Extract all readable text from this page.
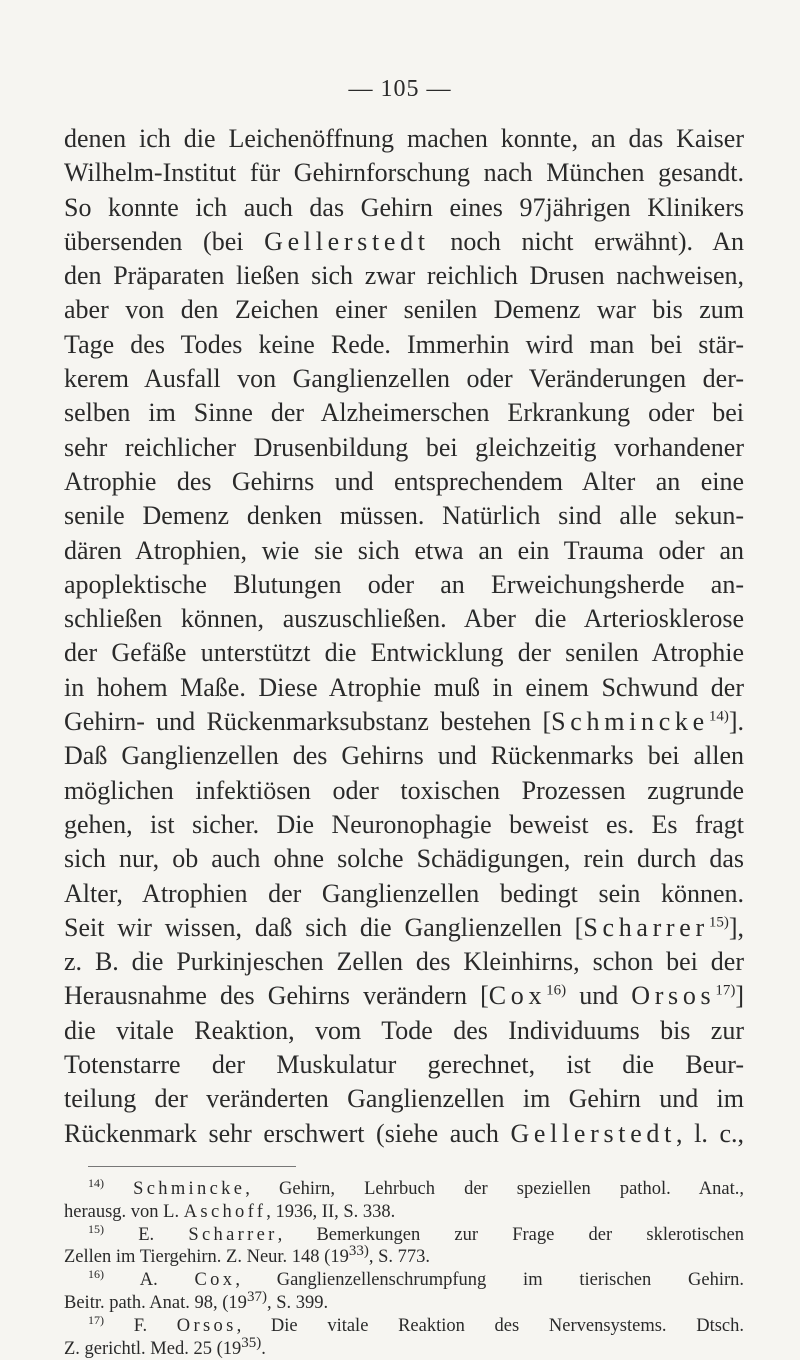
— 105 —
denen ich die Leichenöffnung machen konnte, an das Kaiser
Wilhelm-Institut für Gehirnforschung nach München gesandt.
So konnte ich auch das Gehirn eines 97jährigen Klinikers
übersenden (bei Gellerstedt noch nicht erwähnt). An
den Präparaten ließen sich zwar reichlich Drusen nachweisen,
aber von den Zeichen einer senilen Demenz war bis zum
Tage des Todes keine Rede. Immerhin wird man bei stär-
kerem Ausfall von Ganglienzellen oder Veränderungen der-
selben im Sinne der Alzheimerschen Erkrankung oder bei
sehr reichlicher Drusenbildung bei gleichzeitig vorhandener
Atrophie des Gehirns und entsprechendem Alter an eine
senile Demenz denken müssen. Natürlich sind alle sekun-
dären Atrophien, wie sie sich etwa an ein Trauma oder an
apoplektische Blutungen oder an Erweichungsherde an-
schließen können, auszuschließen. Aber die Arteriosklerose
der Gefäße unterstützt die Entwicklung der senilen Atrophie
in hohem Maße. Diese Atrophie muß in einem Schwund der
Gehirn- und Rückenmarksubstanz bestehen [Schmincke$^{14)}$].
Daß Ganglienzellen des Gehirns und Rückenmarks bei allen
möglichen infektiösen oder toxischen Prozessen zugrunde
gehen, ist sicher. Die Neuronophagie beweist es. Es fragt
sich nur, ob auch ohne solche Schädigungen, rein durch das
Alter, Atrophien der Ganglienzellen bedingt sein können.
Seit wir wissen, daß sich die Ganglienzellen [Scharrer$^{15)}$],
z. B. die Purkinjeschen Zellen des Kleinhirns, schon bei der
Herausnahme des Gehirns verändern [Cox$^{16)}$ und Orsos$^{17)}$]
die vitale Reaktion, vom Tode des Individuums bis zur
Totenstarre der Muskulatur gerechnet, ist die Beur-
teilung der veränderten Ganglienzellen im Gehirn und im
Rückenmark sehr erschwert (siehe auch Gellerstedt, l. c.,
$^{14)}$ Schmincke, Gehirn, Lehrbuch der speziellen pathol. Anat.,
herausg. von L. Aschoff, 1936, II, S. 338.
$^{15)}$ E. Scharrer, Bemerkungen zur Frage der sklerotischen
Zellen im Tiergehirn. Z. Neur. 148 (19$^{33)}$, S. 773.
$^{16)}$ A. Cox, Ganglienzellenschrumpfung im tierischen Gehirn.
Beitr. path. Anat. 98, (19$^{37)}$, S. 399.
$^{17)}$ F. Orsos, Die vitale Reaktion des Nervensystems. Dtsch.
Z. gerichtl. Med. 25 (19$^{35)}$.
